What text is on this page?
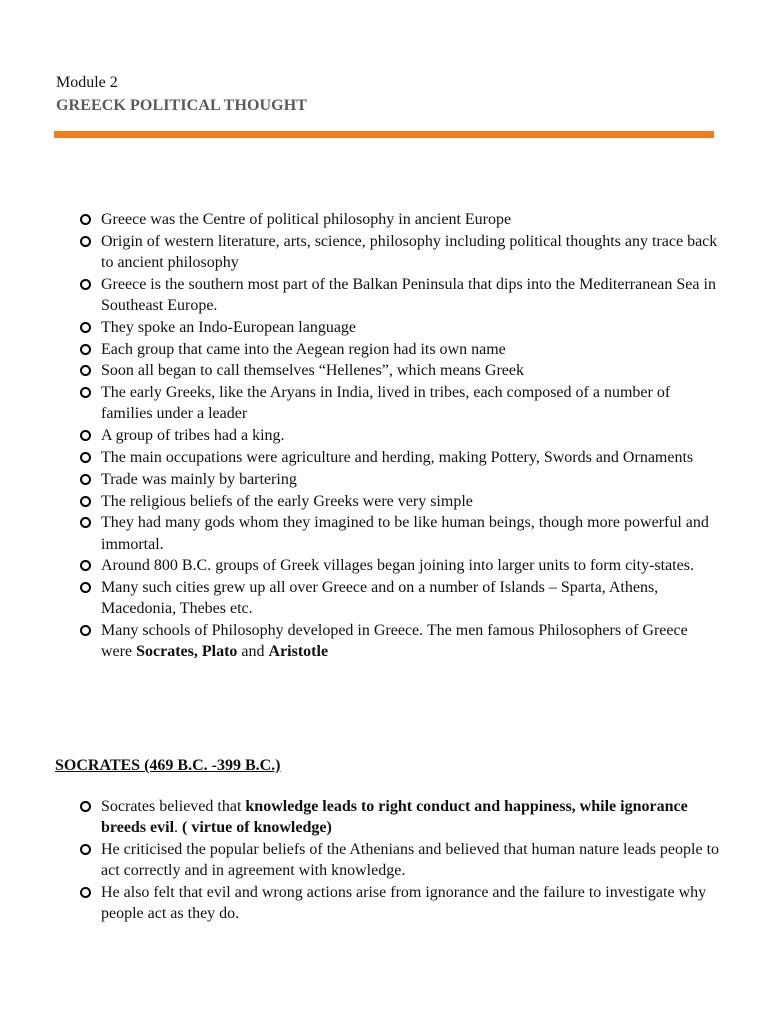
Module 2
GREECK POLITICAL THOUGHT
Greece was the Centre of political philosophy in ancient Europe
Origin of western literature, arts, science, philosophy including political thoughts any trace back to ancient philosophy
Greece is the southern most part of the Balkan Peninsula that dips into the Mediterranean Sea in Southeast Europe.
They spoke an Indo-European language
Each group that came into the Aegean region had its own name
Soon all began to call themselves “Hellenes”, which means Greek
The early Greeks, like the Aryans in India, lived in tribes, each composed of a number of families under a leader
A group of tribes had a king.
The main occupations were agriculture and herding, making Pottery, Swords and Ornaments
Trade was mainly by bartering
The religious beliefs of the early Greeks were very simple
They had many gods whom they imagined to be like human beings, though more powerful and immortal.
Around 800 B.C. groups of Greek villages began joining into larger units to form city-states.
Many such cities grew up all over Greece and on a number of Islands – Sparta, Athens, Macedonia, Thebes etc.
Many schools of Philosophy developed in Greece. The men famous Philosophers of Greece were Socrates, Plato and Aristotle
SOCRATES (469 B.C. -399 B.C.)
Socrates believed that knowledge leads to right conduct and happiness, while ignorance breeds evil. ( virtue of knowledge)
He criticised the popular beliefs of the Athenians and believed that human nature leads people to act correctly and in agreement with knowledge.
He also felt that evil and wrong actions arise from ignorance and the failure to investigate why people act as they do.
